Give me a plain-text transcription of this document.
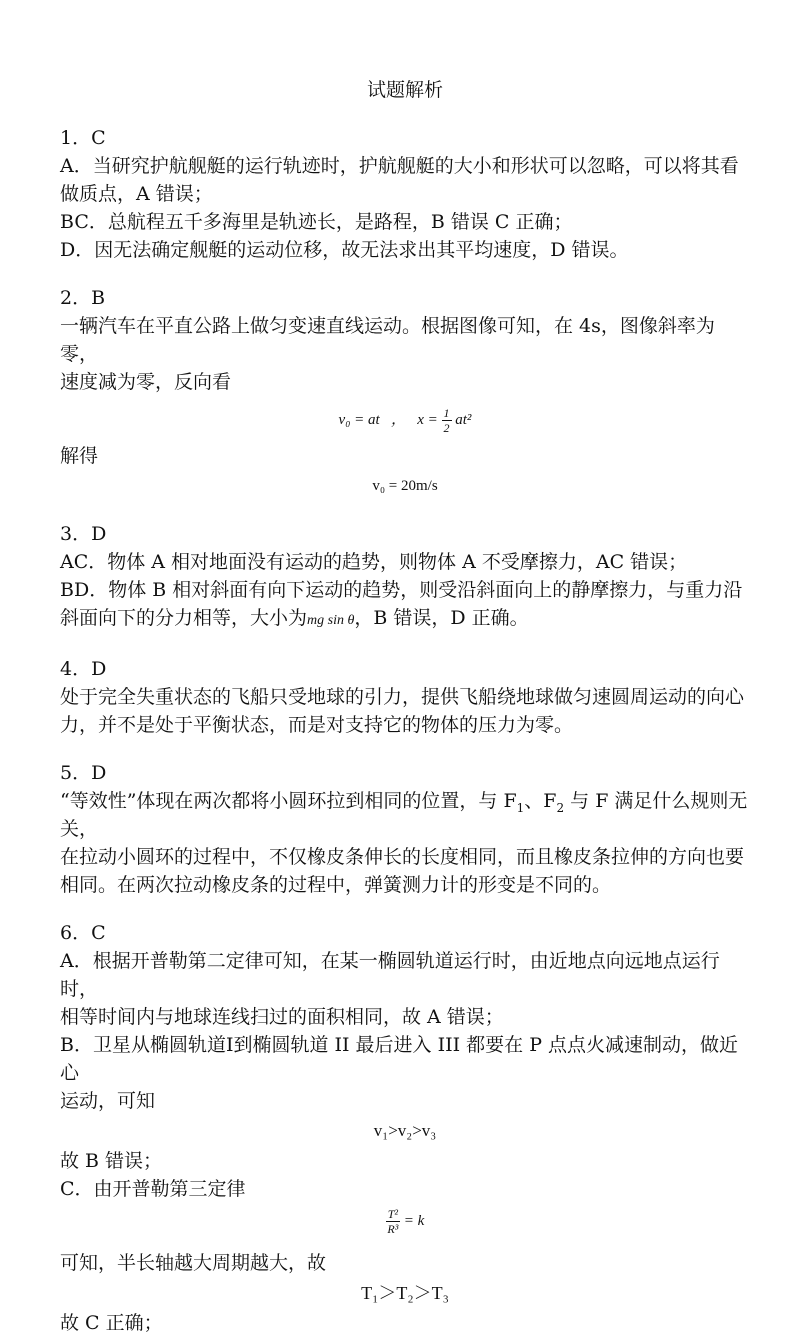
试题解析

1．C

A．当研究护航舰艇的运行轨迹时，护航舰艇的大小和形状可以忽略，可以将其看

做质点，A 错误；

BC．总航程五千多海里是轨迹长，是路程，B 错误 C 正确；

D．因无法确定舰艇的运动位移，故无法求出其平均速度，D 错误。

2．B

一辆汽车在平直公路上做匀变速直线运动。根据图像可知，在 4s，图像斜率为零，

速度减为零，反向看

v₀ = at ， $x = \frac{1}{2} at^2$

解得

v₀ = 20m/s

3．D

AC．物体 A 相对地面没有运动的趋势，则物体 A 不受摩擦力，AC 错误；

BD．物体 B 相对斜面有向下运动的趋势，则受沿斜面向上的静摩擦力，与重力沿

斜面向下的分力相等，大小为mg sin θ，B 错误，D 正确。

4．D

处于完全失重状态的飞船只受地球的引力，提供飞船绕地球做匀速圆周运动的向心

力，并不是处于平衡状态，而是对支持它的物体的压力为零。

5．D

“等效性”体现在两次都将小圆环拉到相同的位置，与 $F_1$、$F_2$ 与 F 满足什么规则无关，

在拉动小圆环的过程中，不仅橡皮条伸长的长度相同，而且橡皮条拉伸的方向也要

相同。在两次拉动橡皮条的过程中，弹簧测力计的形变是不同的。

6．C

A．根据开普勒第二定律可知，在某一椭圆轨道运行时，由近地点向远地点运行时，

相等时间内与地球连线扫过的面积相同，故 A 错误；

B．卫星从椭圆轨道I到椭圆轨道 II 最后进入 III 都要在 P 点点火减速制动，做近心

运动，可知

v₁>v₂>v₃

故 B 错误；

C．由开普勒第三定律

$\frac{\text{T²}}{\text{R³}} = k$

可知，半长轴越大周期越大，故

T₁＞T₂＞T₃

故 C 正确；
